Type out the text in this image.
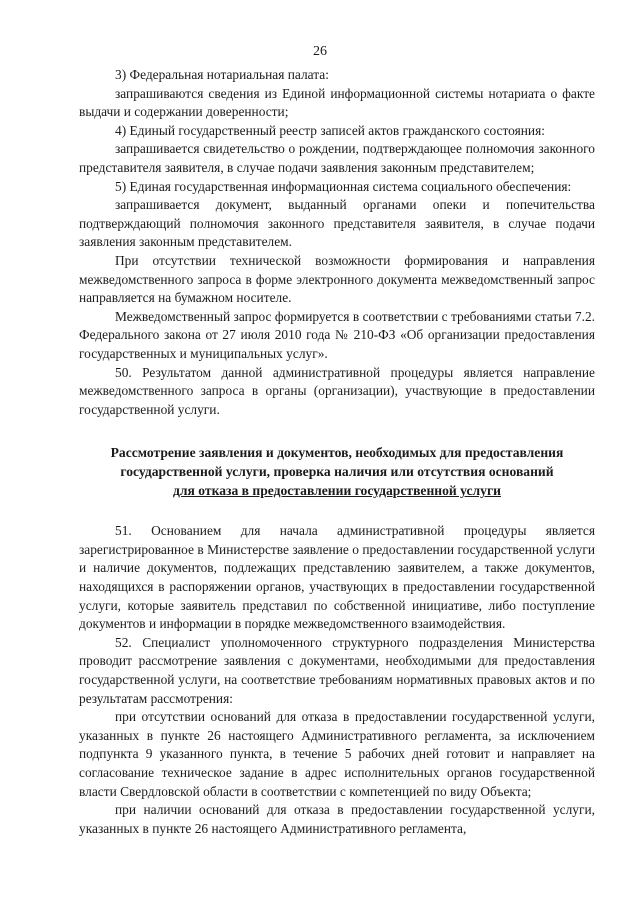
26

3) Федеральная нотариальная палата:

запрашиваются сведения из Единой информационной системы нотариата о факте выдачи и содержании доверенности;

4) Единый государственный реестр записей актов гражданского состояния:

запрашивается свидетельство о рождении, подтверждающее полномочия законного представителя заявителя, в случае подачи заявления законным представителем;

5) Единая государственная информационная система социального обеспечения:

запрашивается документ, выданный органами опеки и попечительства подтверждающий полномочия законного представителя заявителя, в случае подачи заявления законным представителем.

При отсутствии технической возможности формирования и направления межведомственного запроса в форме электронного документа межведомственный запрос направляется на бумажном носителе.

Межведомственный запрос формируется в соответствии с требованиями статьи 7.2. Федерального закона от 27 июля 2010 года № 210-ФЗ «Об организации предоставления государственных и муниципальных услуг».

50. Результатом данной административной процедуры является направление межведомственного запроса в органы (организации), участвующие в предоставлении государственной услуги.

Рассмотрение заявления и документов, необходимых для предоставления
государственной услуги, проверка наличия или отсутствия оснований
для отказа в предоставлении государственной услуги

51. Основанием для начала административной процедуры является зарегистрированное в Министерстве заявление о предоставлении государственной услуги и наличие документов, подлежащих представлению заявителем, а также документов, находящихся в распоряжении органов, участвующих в предоставлении государственной услуги, которые заявитель представил по собственной инициативе, либо поступление документов и информации в порядке межведомственного взаимодействия.

52. Специалист уполномоченного структурного подразделения Министерства проводит рассмотрение заявления с документами, необходимыми для предоставления государственной услуги, на соответствие требованиям нормативных правовых актов и по результатам рассмотрения:

при отсутствии оснований для отказа в предоставлении государственной услуги, указанных в пункте 26 настоящего Административного регламента, за исключением подпункта 9 указанного пункта, в течение 5 рабочих дней готовит и направляет на согласование техническое задание в адрес исполнительных органов государственной власти Свердловской области в соответствии с компетенцией по виду Объекта;

при наличии оснований для отказа в предоставлении государственной услуги, указанных в пункте 26 настоящего Административного регламента,
